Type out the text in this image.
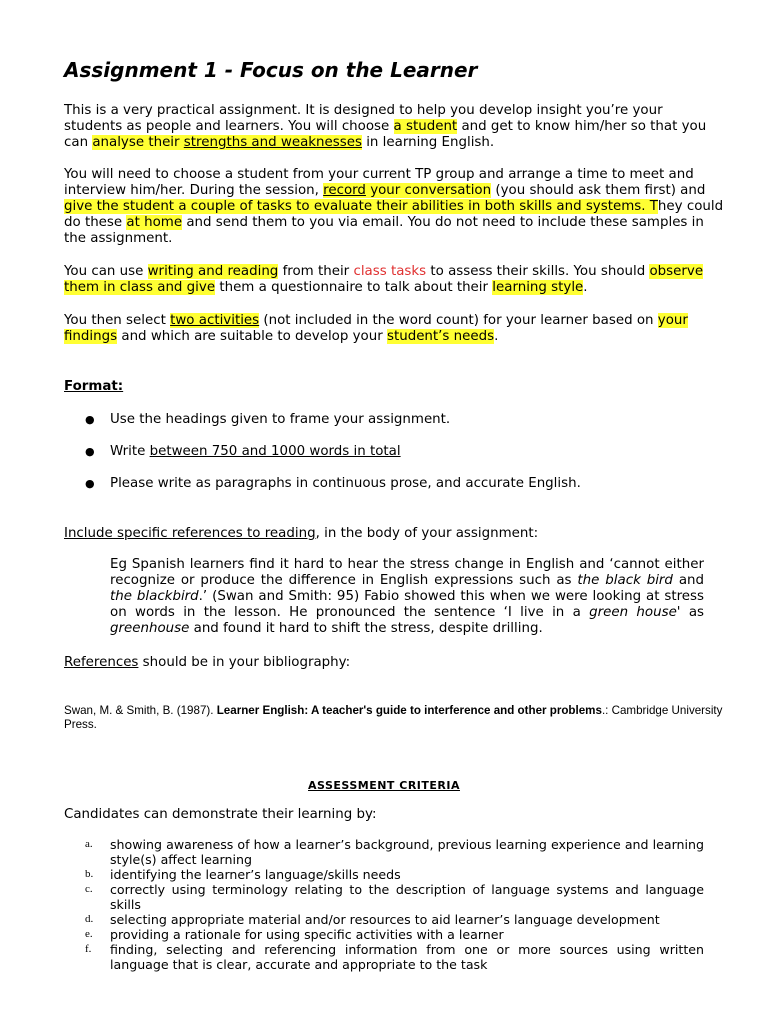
Assignment 1 - Focus on the Learner
This is a very practical assignment. It is designed to help you develop insight you’re your students as people and learners. You will choose a student and get to know him/her so that you can analyse their strengths and weaknesses in learning English.
You will need to choose a student from your current TP group and arrange a time to meet and interview him/her. During the session, record your conversation (you should ask them first) and give the student a couple of tasks to evaluate their abilities in both skills and systems. They could do these at home and send them to you via email. You do not need to include these samples in the assignment.
You can use writing and reading from their class tasks to assess their skills. You should observe them in class and give them a questionnaire to talk about their learning style.
You then select two activities (not included in the word count) for your learner based on your findings and which are suitable to develop your student’s needs.
Format:
● Use the headings given to frame your assignment.
● Write between 750 and 1000 words in total
● Please write as paragraphs in continuous prose, and accurate English.
Include specific references to reading, in the body of your assignment:
Eg Spanish learners find it hard to hear the stress change in English and ‘cannot either recognize or produce the difference in English expressions such as the black bird and the blackbird.’ (Swan and Smith: 95) Fabio showed this when we were looking at stress on words in the lesson. He pronounced the sentence ‘I live in a green house' as greenhouse and found it hard to shift the stress, despite drilling.
References should be in your bibliography:
Swan, M. & Smith, B. (1987). Learner English: A teacher's guide to interference and other problems.: Cambridge University Press.
ASSESSMENT CRITERIA
Candidates can demonstrate their learning by:
a. showing awareness of how a learner’s background, previous learning experience and learning style(s) affect learning
b. identifying the learner’s language/skills needs
c. correctly using terminology relating to the description of language systems and language skills
d. selecting appropriate material and/or resources to aid learner’s language development
e. providing a rationale for using specific activities with a learner
f. finding, selecting and referencing information from one or more sources using written language that is clear, accurate and appropriate to the task
